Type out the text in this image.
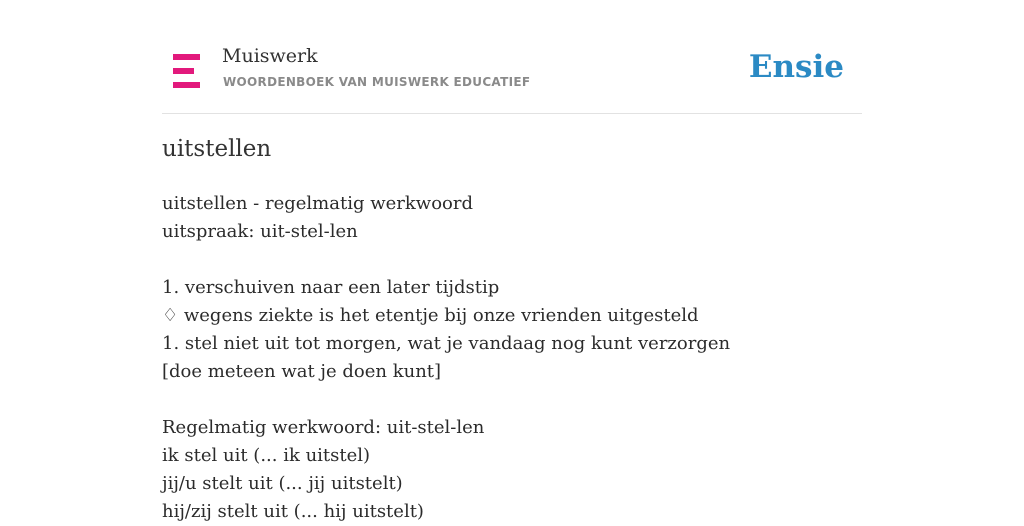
Muiswerk
WOORDENBOEK VAN MUISWERK EDUCATIEF	Ensie
uitstellen
uitstellen - regelmatig werkwoord
uitspraak: uit-stel-len
1. verschuiven naar een later tijdstip
♢ wegens ziekte is het etentje bij onze vrienden uitgesteld
1. stel niet uit tot morgen, wat je vandaag nog kunt verzorgen
[doe meteen wat je doen kunt]
Regelmatig werkwoord: uit-stel-len
ik stel uit (... ik uitstel)
jij/u stelt uit (... jij uitstelt)
hij/zij stelt uit (... hij uitstelt)
